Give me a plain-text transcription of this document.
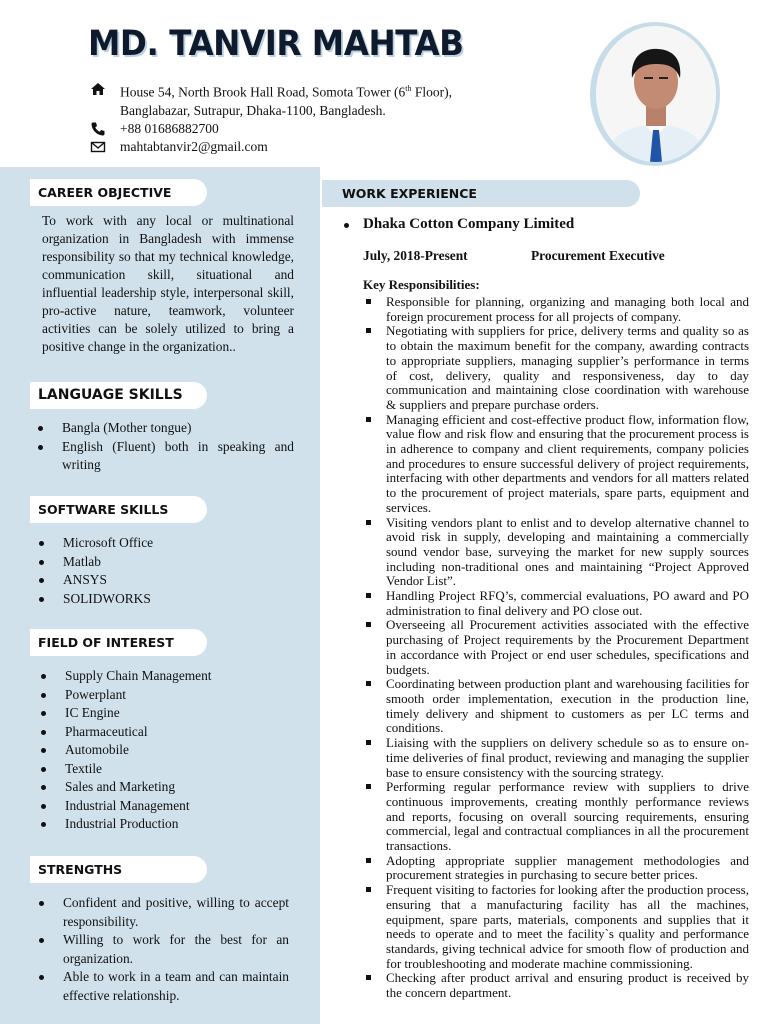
MD. TANVIR MAHTAB
House 54, North Brook Hall Road, Somota Tower (6th Floor),
Banglabazar, Sutrapur, Dhaka-1100, Bangladesh.
+88 01686882700
mahtabtanvir2@gmail.com
CAREER OBJECTIVE
To work with any local or multinational organization in Bangladesh with immense responsibility so that my technical knowledge, communication skill, situational and influential leadership style, interpersonal skill, pro-active nature, teamwork, volunteer activities can be solely utilized to bring a positive change in the organization..
LANGUAGE SKILLS
Bangla (Mother tongue)
English (Fluent) both in speaking and writing
SOFTWARE SKILLS
Microsoft Office
Matlab
ANSYS
SOLIDWORKS
FIELD OF INTEREST
Supply Chain Management
Powerplant
IC Engine
Pharmaceutical
Automobile
Textile
Sales and Marketing
Industrial Management
Industrial Production
STRENGTHS
Confident and positive, willing to accept responsibility.
Willing to work for the best for an organization.
Able to work in a team and can maintain effective relationship.
WORK EXPERIENCE
Dhaka Cotton Company Limited
July, 2018-Present	Procurement Executive
Key Responsibilities:
Responsible for planning, organizing and managing both local and foreign procurement process for all projects of company.
Negotiating with suppliers for price, delivery terms and quality so as to obtain the maximum benefit for the company, awarding contracts to appropriate suppliers, managing supplier’s performance in terms of cost, delivery, quality and responsiveness, day to day communication and maintaining close coordination with warehouse & suppliers and prepare purchase orders.
Managing efficient and cost-effective product flow, information flow, value flow and risk flow and ensuring that the procurement process is in adherence to company and client requirements, company policies and procedures to ensure successful delivery of project requirements, interfacing with other departments and vendors for all matters related to the procurement of project materials, spare parts, equipment and services.
Visiting vendors plant to enlist and to develop alternative channel to avoid risk in supply, developing and maintaining a commercially sound vendor base, surveying the market for new supply sources including non-traditional ones and maintaining “Project Approved Vendor List”.
Handling Project RFQ’s, commercial evaluations, PO award and PO administration to final delivery and PO close out.
Overseeing all Procurement activities associated with the effective purchasing of Project requirements by the Procurement Department in accordance with Project or end user schedules, specifications and budgets.
Coordinating between production plant and warehousing facilities for smooth order implementation, execution in the production line, timely delivery and shipment to customers as per LC terms and conditions.
Liaising with the suppliers on delivery schedule so as to ensure on-time deliveries of final product, reviewing and managing the supplier base to ensure consistency with the sourcing strategy.
Performing regular performance review with suppliers to drive continuous improvements, creating monthly performance reviews and reports, focusing on overall sourcing requirements, ensuring commercial, legal and contractual compliances in all the procurement transactions.
Adopting appropriate supplier management methodologies and procurement strategies in purchasing to secure better prices.
Frequent visiting to factories for looking after the production process, ensuring that a manufacturing facility has all the machines, equipment, spare parts, materials, components and supplies that it needs to operate and to meet the facility`s quality and performance standards, giving technical advice for smooth flow of production and for troubleshooting and moderate machine commissioning.
Checking after product arrival and ensuring product is received by the concern department.
